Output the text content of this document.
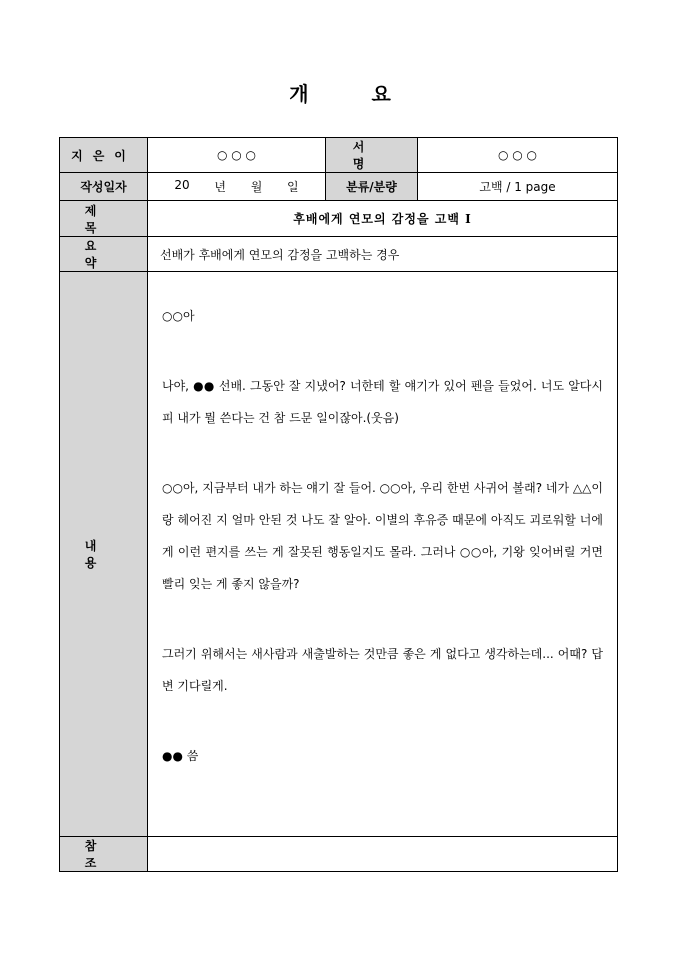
개 요
지은이	○ ○ ○	서 명	○ ○ ○
작성일자	20 년 월 일	분류/분량	고백 / 1 page
제 목	후배에게 연모의 감정을 고백 Ⅰ		
요 약	선배가 후배에게 연모의 감정을 고백하는 경우		
내 용	○○아

나야, ●● 선배. 그동안 잘 지냈어? 너한테 할 얘기가 있어 펜을 들었어. 너도 알다시피 내가 뭘 쓴다는 건 참 드문 일이잖아.(웃음)

○○아, 지금부터 내가 하는 얘기 잘 들어. ○○아, 우리 한번 사귀어 볼래? 네가 △△이랑 헤어진 지 얼마 안된 것 나도 잘 알아. 이별의 후유증 때문에 아직도 괴로워할 너에게 이런 편지를 쓰는 게 잘못된 행동일지도 몰라. 그러나 ○○아, 기왕 잊어버릴 거면 빨리 잊는 게 좋지 않을까?

그러기 위해서는 새사람과 새출발하는 것만큼 좋은 게 없다고 생각하는데... 어때? 답변 기다릴게.

●● 씀		

참 조			
